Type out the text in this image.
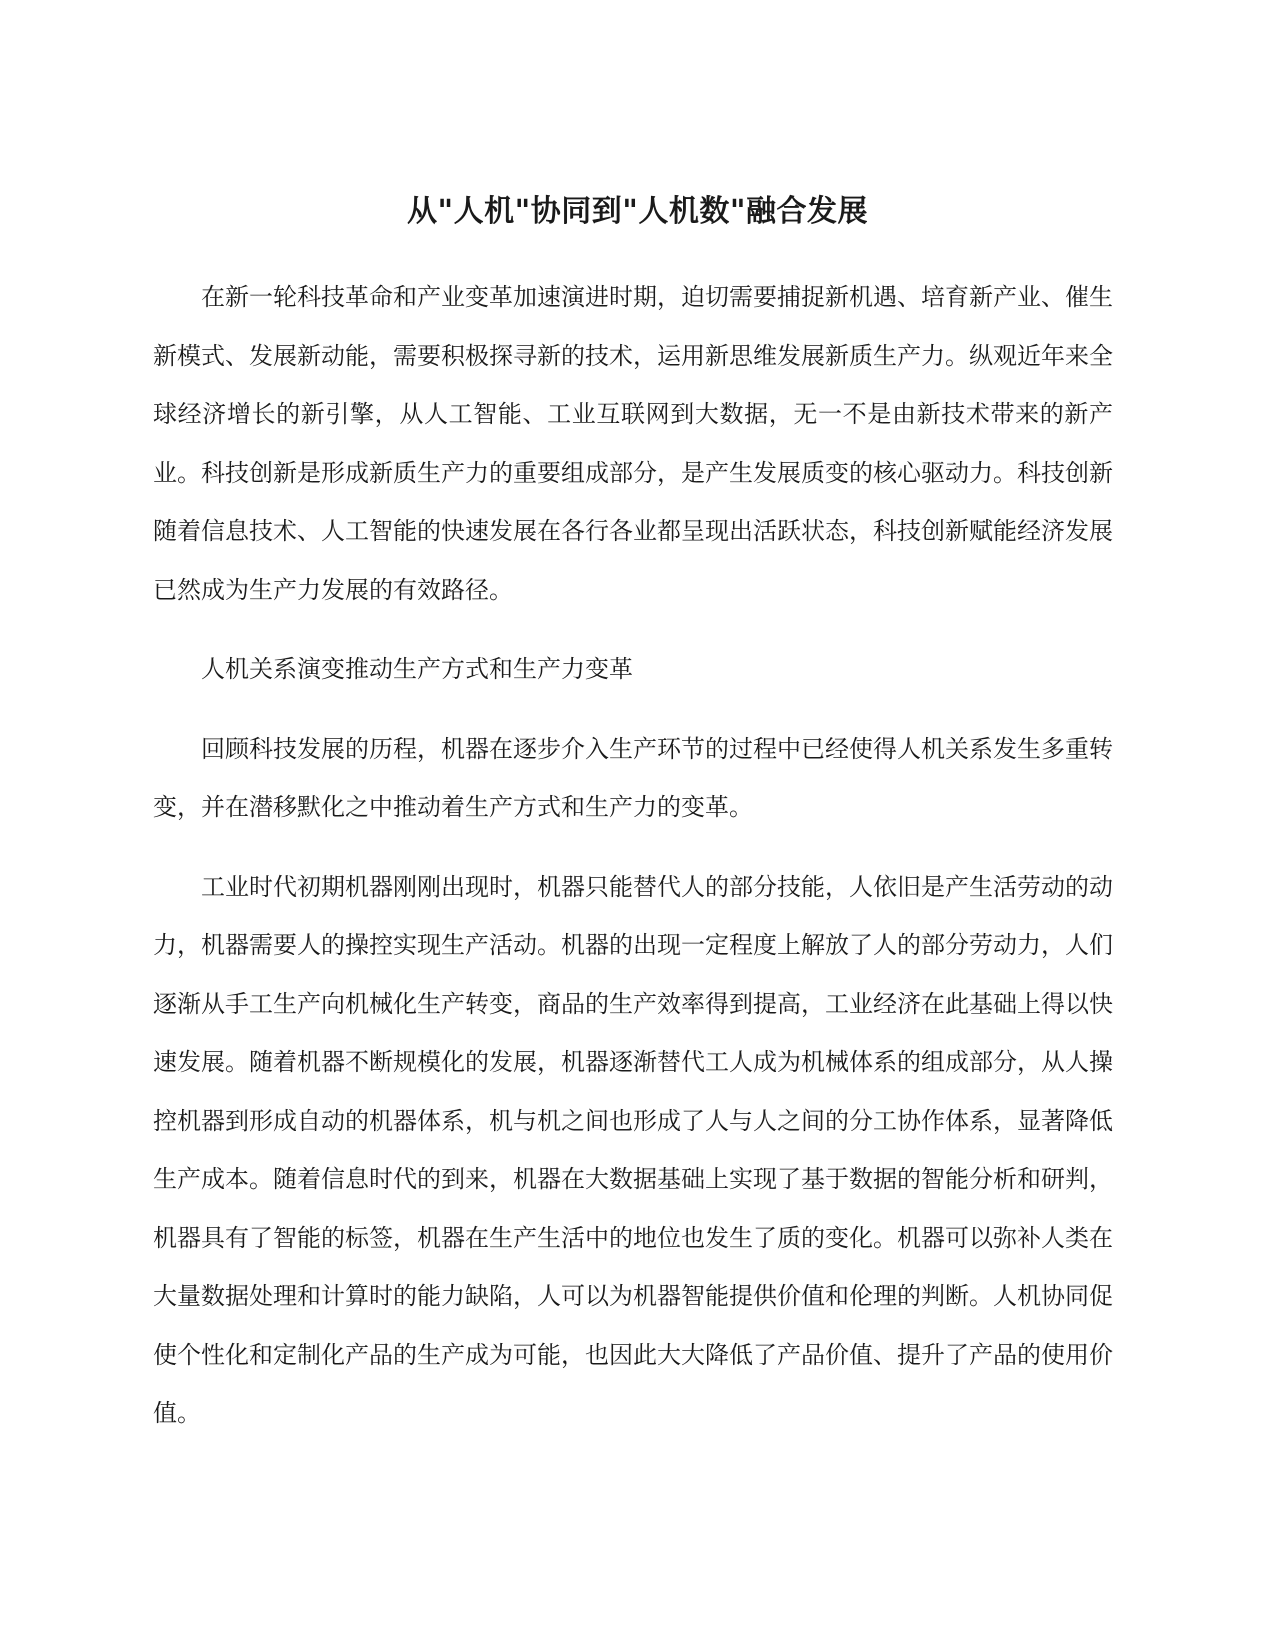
从"人机"协同到"人机数"融合发展

在新一轮科技革命和产业变革加速演进时期，迫切需要捕捉新机遇、培育新产业、催生新模式、发展新动能，需要积极探寻新的技术，运用新思维发展新质生产力。纵观近年来全球经济增长的新引擎，从人工智能、工业互联网到大数据，无一不是由新技术带来的新产业。科技创新是形成新质生产力的重要组成部分，是产生发展质变的核心驱动力。科技创新随着信息技术、人工智能的快速发展在各行各业都呈现出活跃状态，科技创新赋能经济发展已然成为生产力发展的有效路径。

人机关系演变推动生产方式和生产力变革

回顾科技发展的历程，机器在逐步介入生产环节的过程中已经使得人机关系发生多重转变，并在潜移默化之中推动着生产方式和生产力的变革。

工业时代初期机器刚刚出现时，机器只能替代人的部分技能，人依旧是产生活劳动的动力，机器需要人的操控实现生产活动。机器的出现一定程度上解放了人的部分劳动力，人们逐渐从手工生产向机械化生产转变，商品的生产效率得到提高，工业经济在此基础上得以快速发展。随着机器不断规模化的发展，机器逐渐替代工人成为机械体系的组成部分，从人操控机器到形成自动的机器体系，机与机之间也形成了人与人之间的分工协作体系，显著降低生产成本。随着信息时代的到来，机器在大数据基础上实现了基于数据的智能分析和研判，机器具有了智能的标签，机器在生产生活中的地位也发生了质的变化。机器可以弥补人类在大量数据处理和计算时的能力缺陷，人可以为机器智能提供价值和伦理的判断。人机协同促使个性化和定制化产品的生产成为可能，也因此大大降低了产品价值、提升了产品的使用价值。
